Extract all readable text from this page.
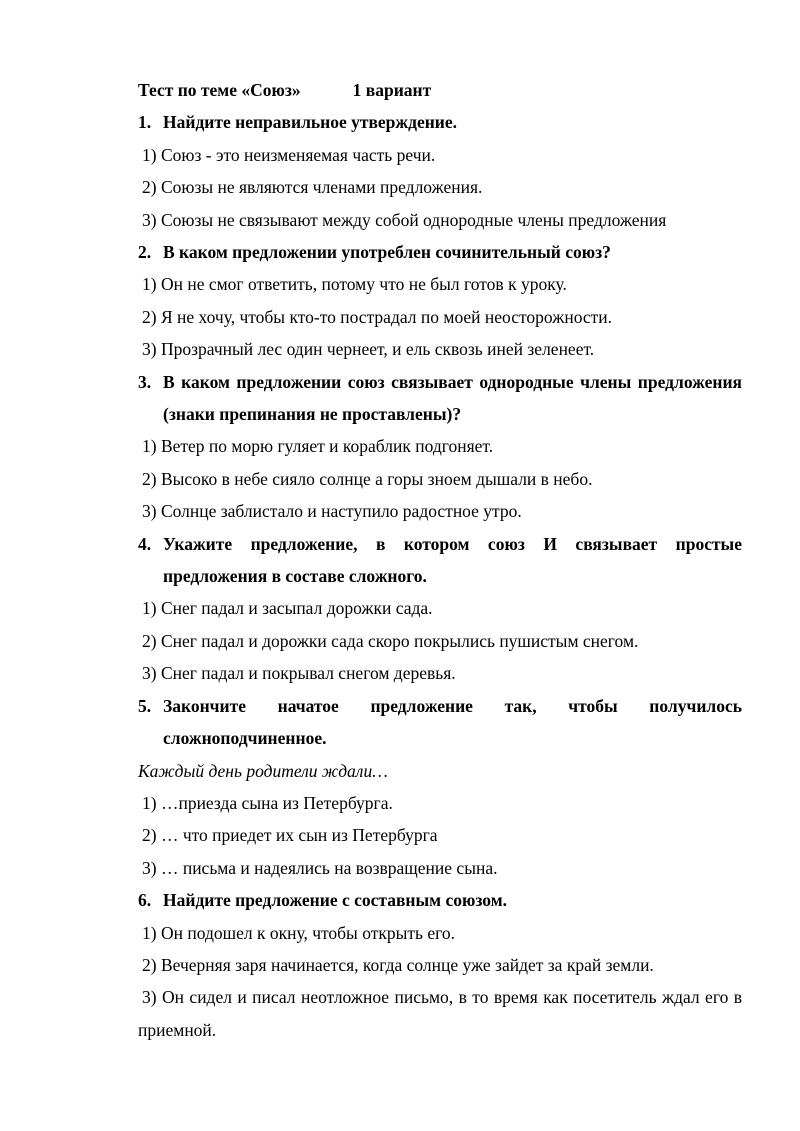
Тест по теме «Союз»	1 вариант
1. Найдите неправильное утверждение.
1) Союз - это неизменяемая часть речи.
2) Союзы не являются членами предложения.
3) Союзы не связывают между собой однородные члены предложения
2. В каком предложении употреблен сочинительный союз?
1) Он не смог ответить, потому что не был готов к уроку.
2) Я не хочу, чтобы кто-то пострадал по моей неосторожности.
3) Прозрачный лес один чернеет, и ель сквозь иней зеленеет.
3. В каком предложении союз связывает однородные члены предложения (знаки препинания не проставлены)?
1) Ветер по морю гуляет и кораблик подгоняет.
2) Высоко в небе сияло солнце а горы зноем дышали в небо.
3) Солнце заблистало и наступило радостное утро.
4. Укажите предложение, в котором союз И связывает простые предложения в составе сложного.
1) Снег падал и засыпал дорожки сада.
2) Снег падал и дорожки сада скоро покрылись пушистым снегом.
3) Снег падал и покрывал снегом деревья.
5. Закончите начатое предложение так, чтобы получилось сложноподчиненное.
Каждый день родители ждали…
1) …приезда сына из Петербурга.
2) … что приедет их сын из Петербурга
3) … письма и надеялись на возвращение сына.
6. Найдите предложение с составным союзом.
1) Он подошел к окну, чтобы открыть его.
2) Вечерняя заря начинается, когда солнце уже зайдет за край земли.
3) Он сидел и писал неотложное письмо, в то время как посетитель ждал его в приемной.
